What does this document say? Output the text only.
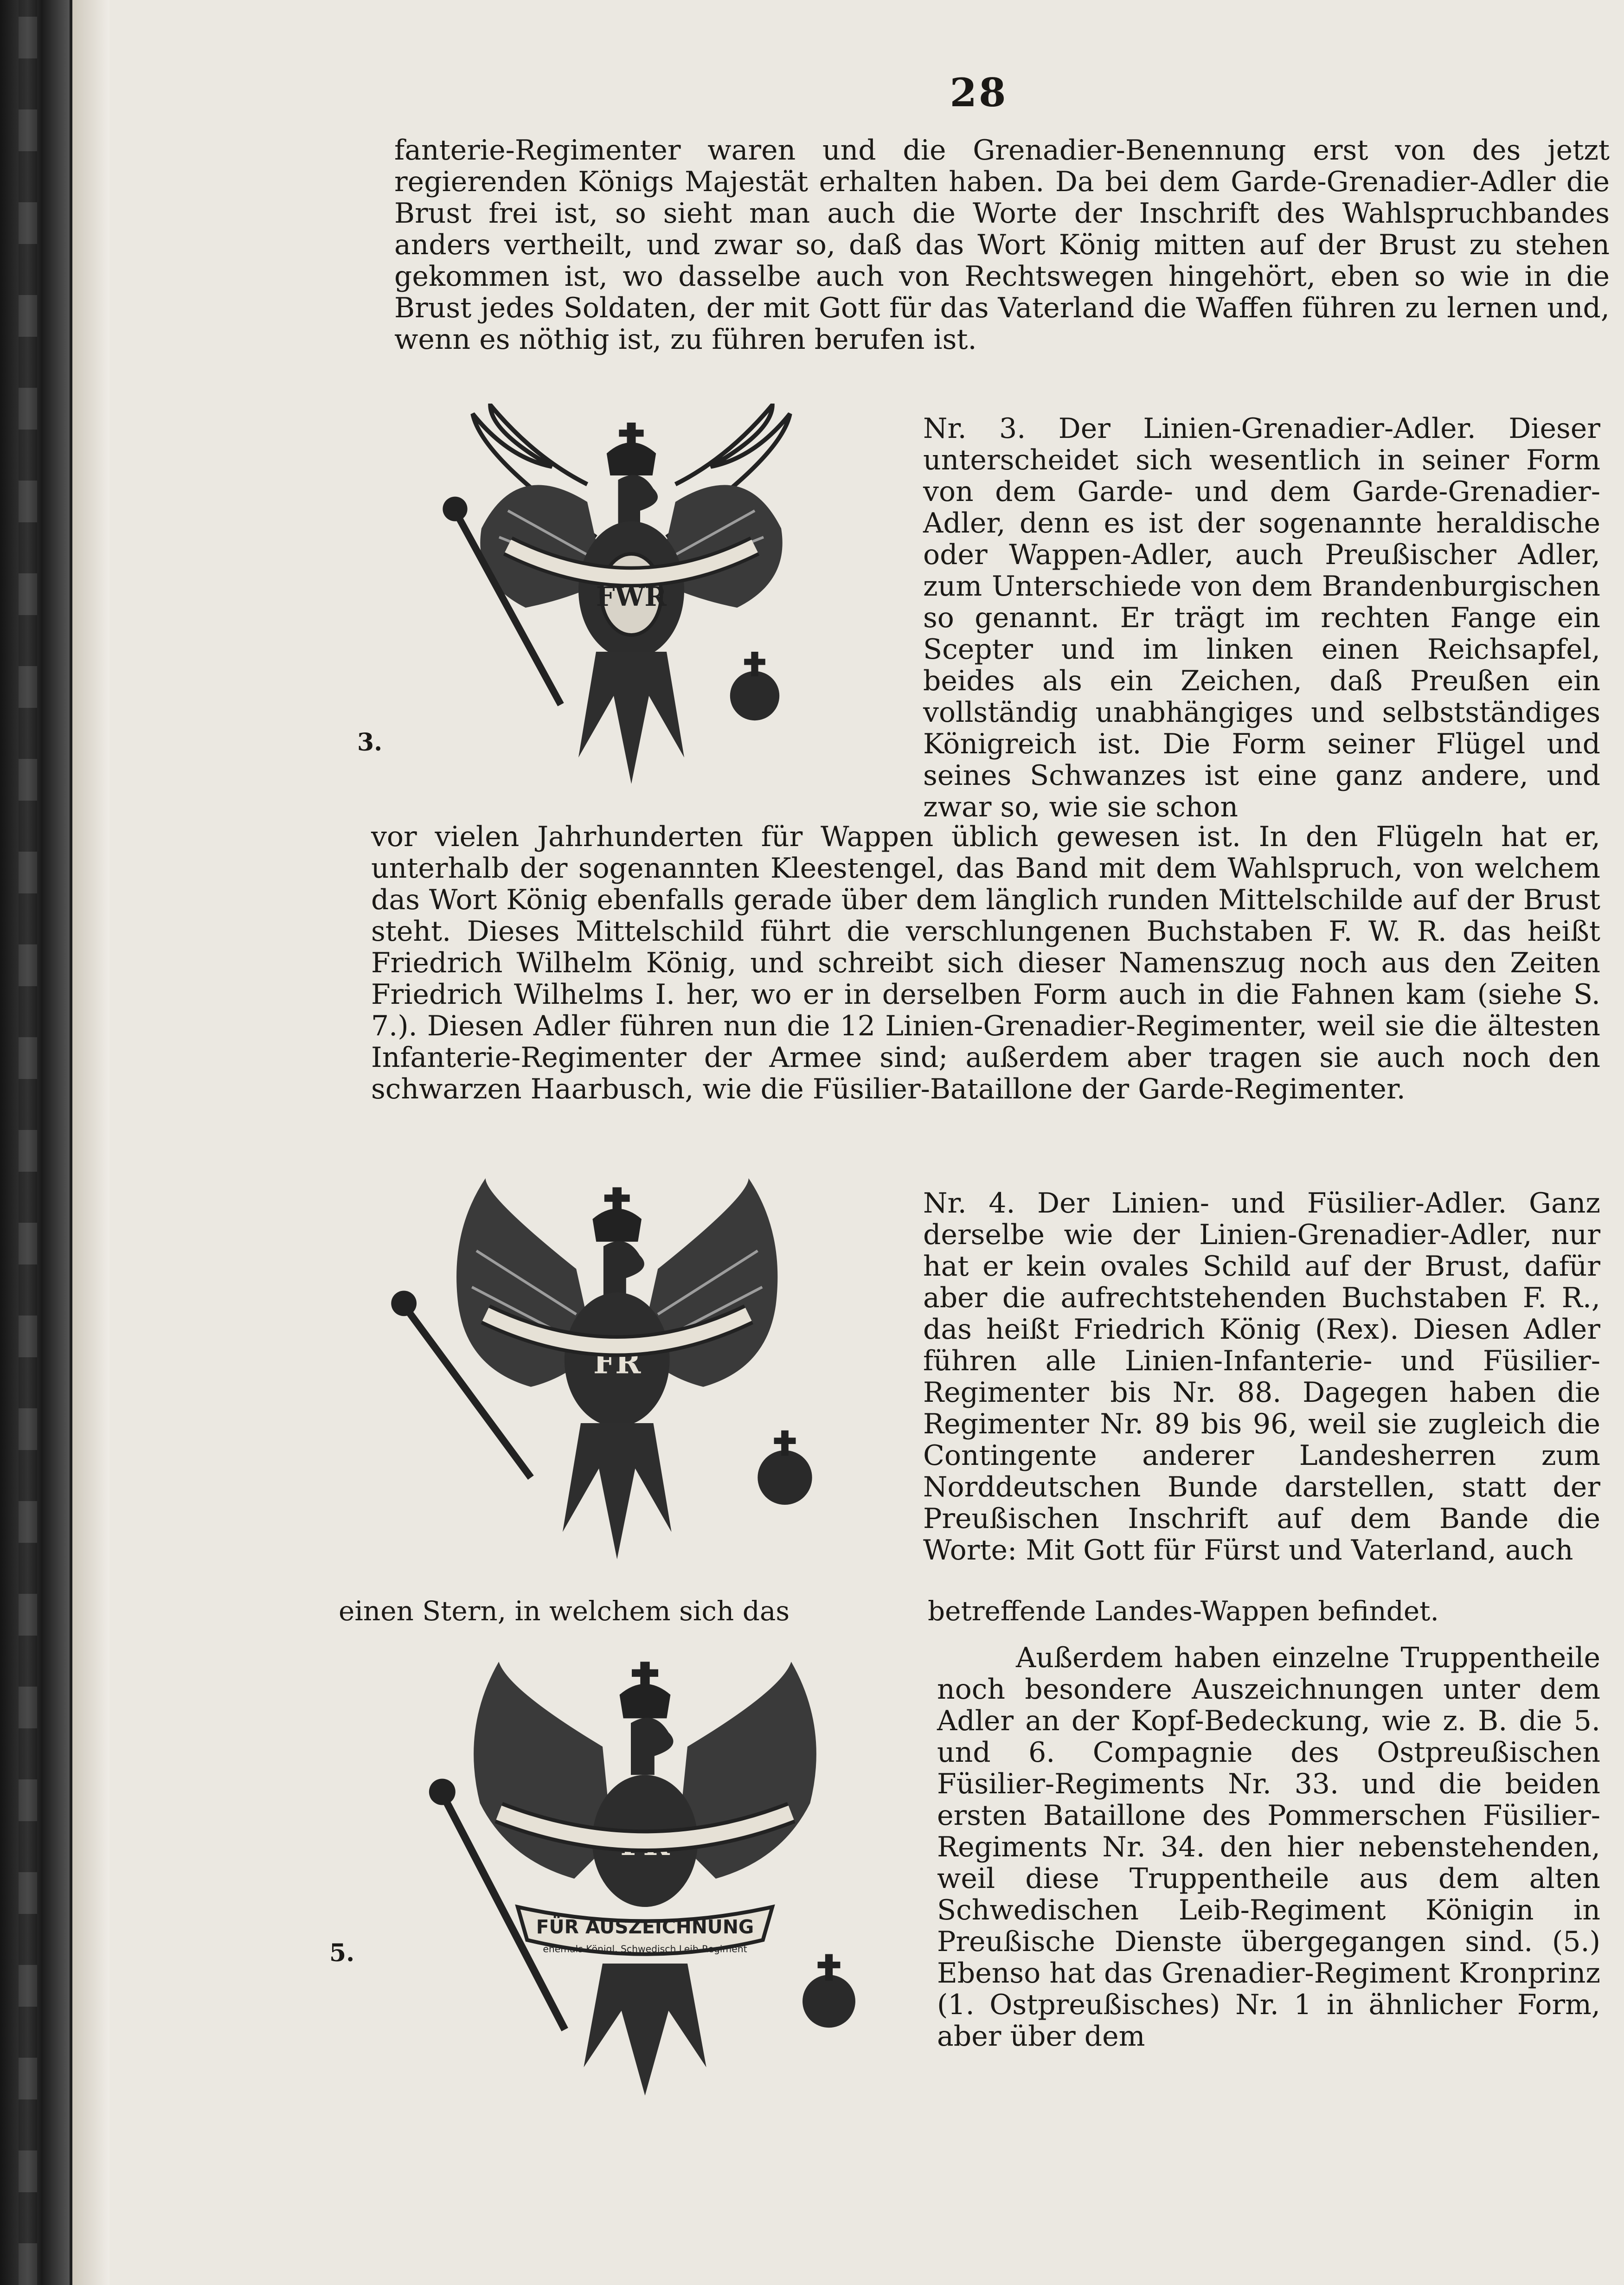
28

fanterie-Regimenter waren und die Grenadier-Benennung erst von des jetzt regierenden Königs Majestät erhalten haben. Da bei dem Garde-Grenadier-Adler die Brust frei ist, so sieht man auch die Worte der Inschrift des Wahlspruchbandes anders vertheilt, und zwar so, daß das Wort König mitten auf der Brust zu stehen gekommen ist, wo dasselbe auch von Rechtswegen hingehört, eben so wie in die Brust jedes Soldaten, der mit Gott für das Vaterland die Waffen führen zu lernen und, wenn es nöthig ist, zu führen berufen ist.

FWR
3.

Nr. 3. Der Linien-Grenadier-Adler. Dieser unterscheidet sich wesentlich in seiner Form von dem Garde- und dem Garde-Grenadier-Adler, denn es ist der sogenannte heraldische oder Wappen-Adler, auch Preußischer Adler, zum Unterschiede von dem Brandenburgischen so genannt. Er trägt im rechten Fange ein Scepter und im linken einen Reichsapfel, beides als ein Zeichen, daß Preußen ein vollständig unabhängiges und selbstständiges Königreich ist. Die Form seiner Flügel und seines Schwanzes ist eine ganz andere, und zwar so, wie sie schon

vor vielen Jahrhunderten für Wappen üblich gewesen ist. In den Flügeln hat er, unterhalb der sogenannten Kleestengel, das Band mit dem Wahlspruch, von welchem das Wort König ebenfalls gerade über dem länglich runden Mittelschilde auf der Brust steht. Dieses Mittelschild führt die verschlungenen Buchstaben F. W. R. das heißt Friedrich Wilhelm König, und schreibt sich dieser Namenszug noch aus den Zeiten Friedrich Wilhelms I. her, wo er in derselben Form auch in die Fahnen kam (siehe S. 7.). Diesen Adler führen nun die 12 Linien-Grenadier-Regimenter, weil sie die ältesten Infanterie-Regimenter der Armee sind; außerdem aber tragen sie auch noch den schwarzen Haarbusch, wie die Füsilier-Bataillone der Garde-Regimenter.

FR

Nr. 4. Der Linien- und Füsilier-Adler. Ganz derselbe wie der Linien-Grenadier-Adler, nur hat er kein ovales Schild auf der Brust, dafür aber die aufrechtstehenden Buchstaben F. R., das heißt Friedrich König (Rex). Diesen Adler führen alle Linien-Infanterie- und Füsilier-Regimenter bis Nr. 88. Dagegen haben die Regimenter Nr. 89 bis 96, weil sie zugleich die Contingente anderer Landesherren zum Norddeutschen Bunde darstellen, statt der Preußischen Inschrift auf dem Bande die Worte: Mit Gott für Fürst und Vaterland, auch

einen Stern, in welchem sich das	betreffende Landes-Wappen befindet.
FR
FÜR AUSZEICHNUNG
ehemals Königl. Schwedisch Leib-Regiment
5.

Außerdem haben einzelne Truppentheile noch besondere Auszeichnungen unter dem Adler an der Kopf-Bedeckung, wie z. B. die 5. und 6. Compagnie des Ostpreußischen Füsilier-Regiments Nr. 33. und die beiden ersten Bataillone des Pommerschen Füsilier-Regiments Nr. 34. den hier nebenstehenden, weil diese Truppentheile aus dem alten Schwedischen Leib-Regiment Königin in Preußische Dienste übergegangen sind. (5.) Ebenso hat das Grenadier-Regiment Kronprinz (1. Ostpreußisches) Nr. 1 in ähnlicher Form, aber über dem
